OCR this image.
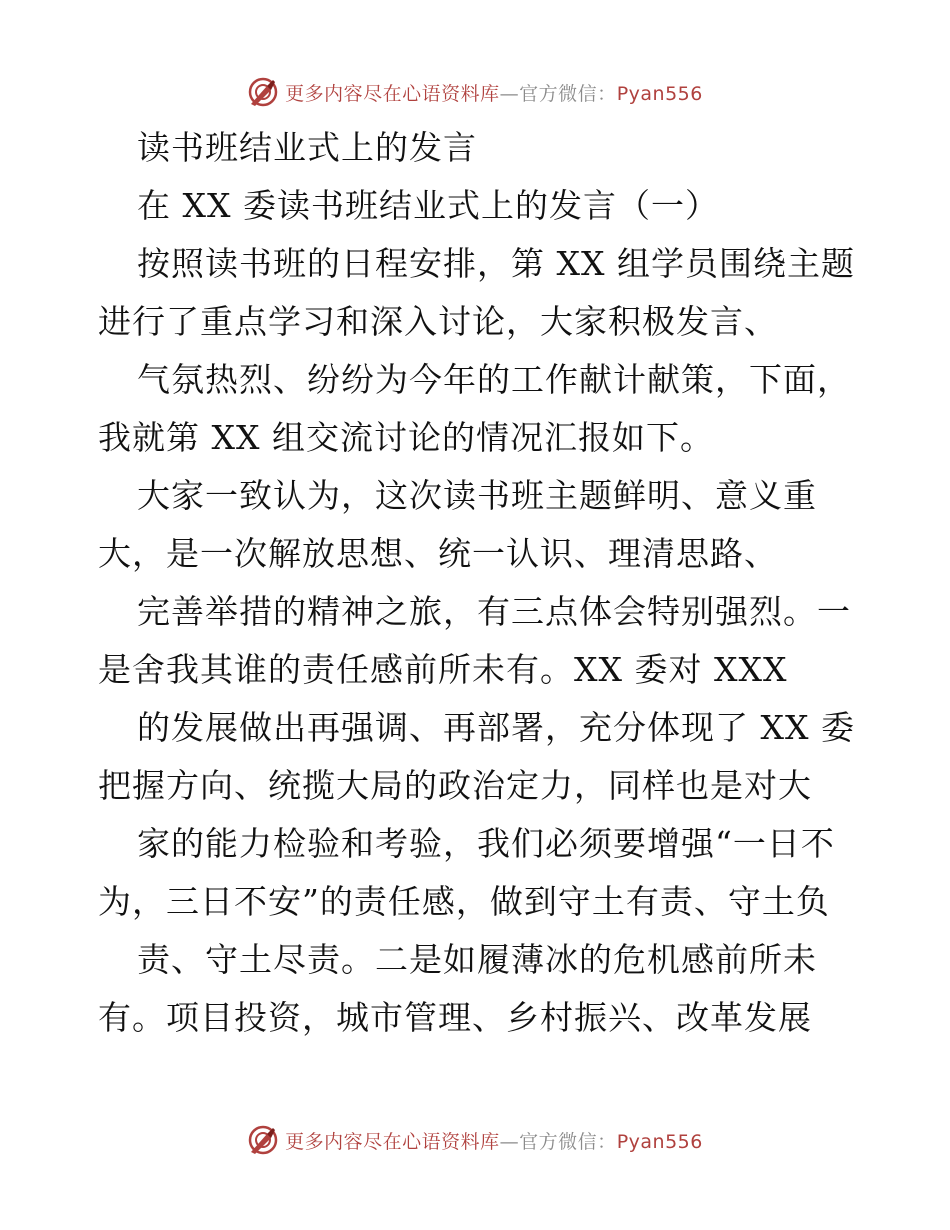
更多内容尽在心语资料库—官方微信：Pyan556
读书班结业式上的发言
在 XX 委读书班结业式上的发言（一）
按照读书班的日程安排，第 XX 组学员围绕主题
进行了重点学习和深入讨论，大家积极发言、
气氛热烈、纷纷为今年的工作献计献策，下面，
我就第 XX 组交流讨论的情况汇报如下。
大家一致认为，这次读书班主题鲜明、意义重
大，是一次解放思想、统一认识、理清思路、
完善举措的精神之旅，有三点体会特别强烈。一
是舍我其谁的责任感前所未有。XX 委对 XXX
的发展做出再强调、再部署，充分体现了 XX 委
把握方向、统揽大局的政治定力，同样也是对大
家的能力检验和考验，我们必须要增强“一日不
为，三日不安”的责任感，做到守土有责、守土负
责、守土尽责。二是如履薄冰的危机感前所未
有。项目投资，城市管理、乡村振兴、改革发展
更多内容尽在心语资料库—官方微信：Pyan556
